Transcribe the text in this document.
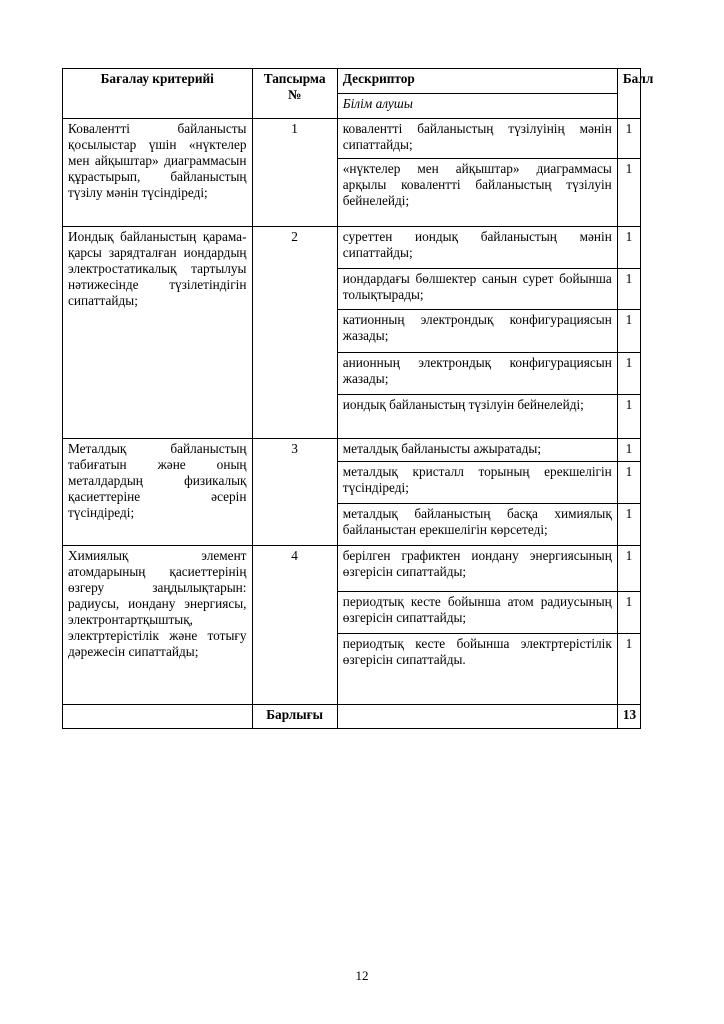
Бағалау критерийі	Тапсырма №	Дескриптор	Балл
		Білім алушы	
Коваленттi байланысты қосылыстар үшін «нүктелер мен айқыштар» диаграммасын құрастырып, байланыстың түзілу мәнін түсіндіреді;	1	ковалентті байланыстың түзілуінің мәнін сипаттайды;	1
		«нүктелер мен айқыштар» диаграммасы арқылы ковалентті байланыстың түзілуін бейнелейді;	1
Иондық байланыстың қарама-қарсы зарядталған иондардың электростатикалық тартылуы нәтижесінде түзілетіндігін сипаттайды;	2	суреттен иондық байланыстың мәнін сипаттайды;	1
		иондардағы бөлшектер санын сурет бойынша толықтырады;	1
		катионның электрондық конфигурациясын жазады;	1
		анионның электрондық конфигурациясын жазады;	1
		иондық байланыстың түзілуін бейнелейді;	1
Металдық байланыстың табиғатын және оның металдардың физикалық қасиеттеріне әсерін түсіндіреді;	3	металдық байланысты ажыратады;	1
		металдық кристалл торының ерекшелігін түсіндіреді;	1
		металдық байланыстың басқа химиялық байланыстан ерекшелігін көрсетеді;	1
Химиялық элемент атомдарының қасиеттерінің өзгеру заңдылықтарын: радиусы, иондану энергиясы, электронтартқыштық, электртерістілік және тотығу дәрежесін сипаттайды;	4	берілген графиктен иондану энергиясының өзгерісін сипаттайды;	1
		периодтық кесте бойынша атом радиусының өзгерісін сипаттайды;	1
		периодтық кесте бойынша электртерістілік өзгерісін сипаттайды.	1
	Барлығы		13
12
